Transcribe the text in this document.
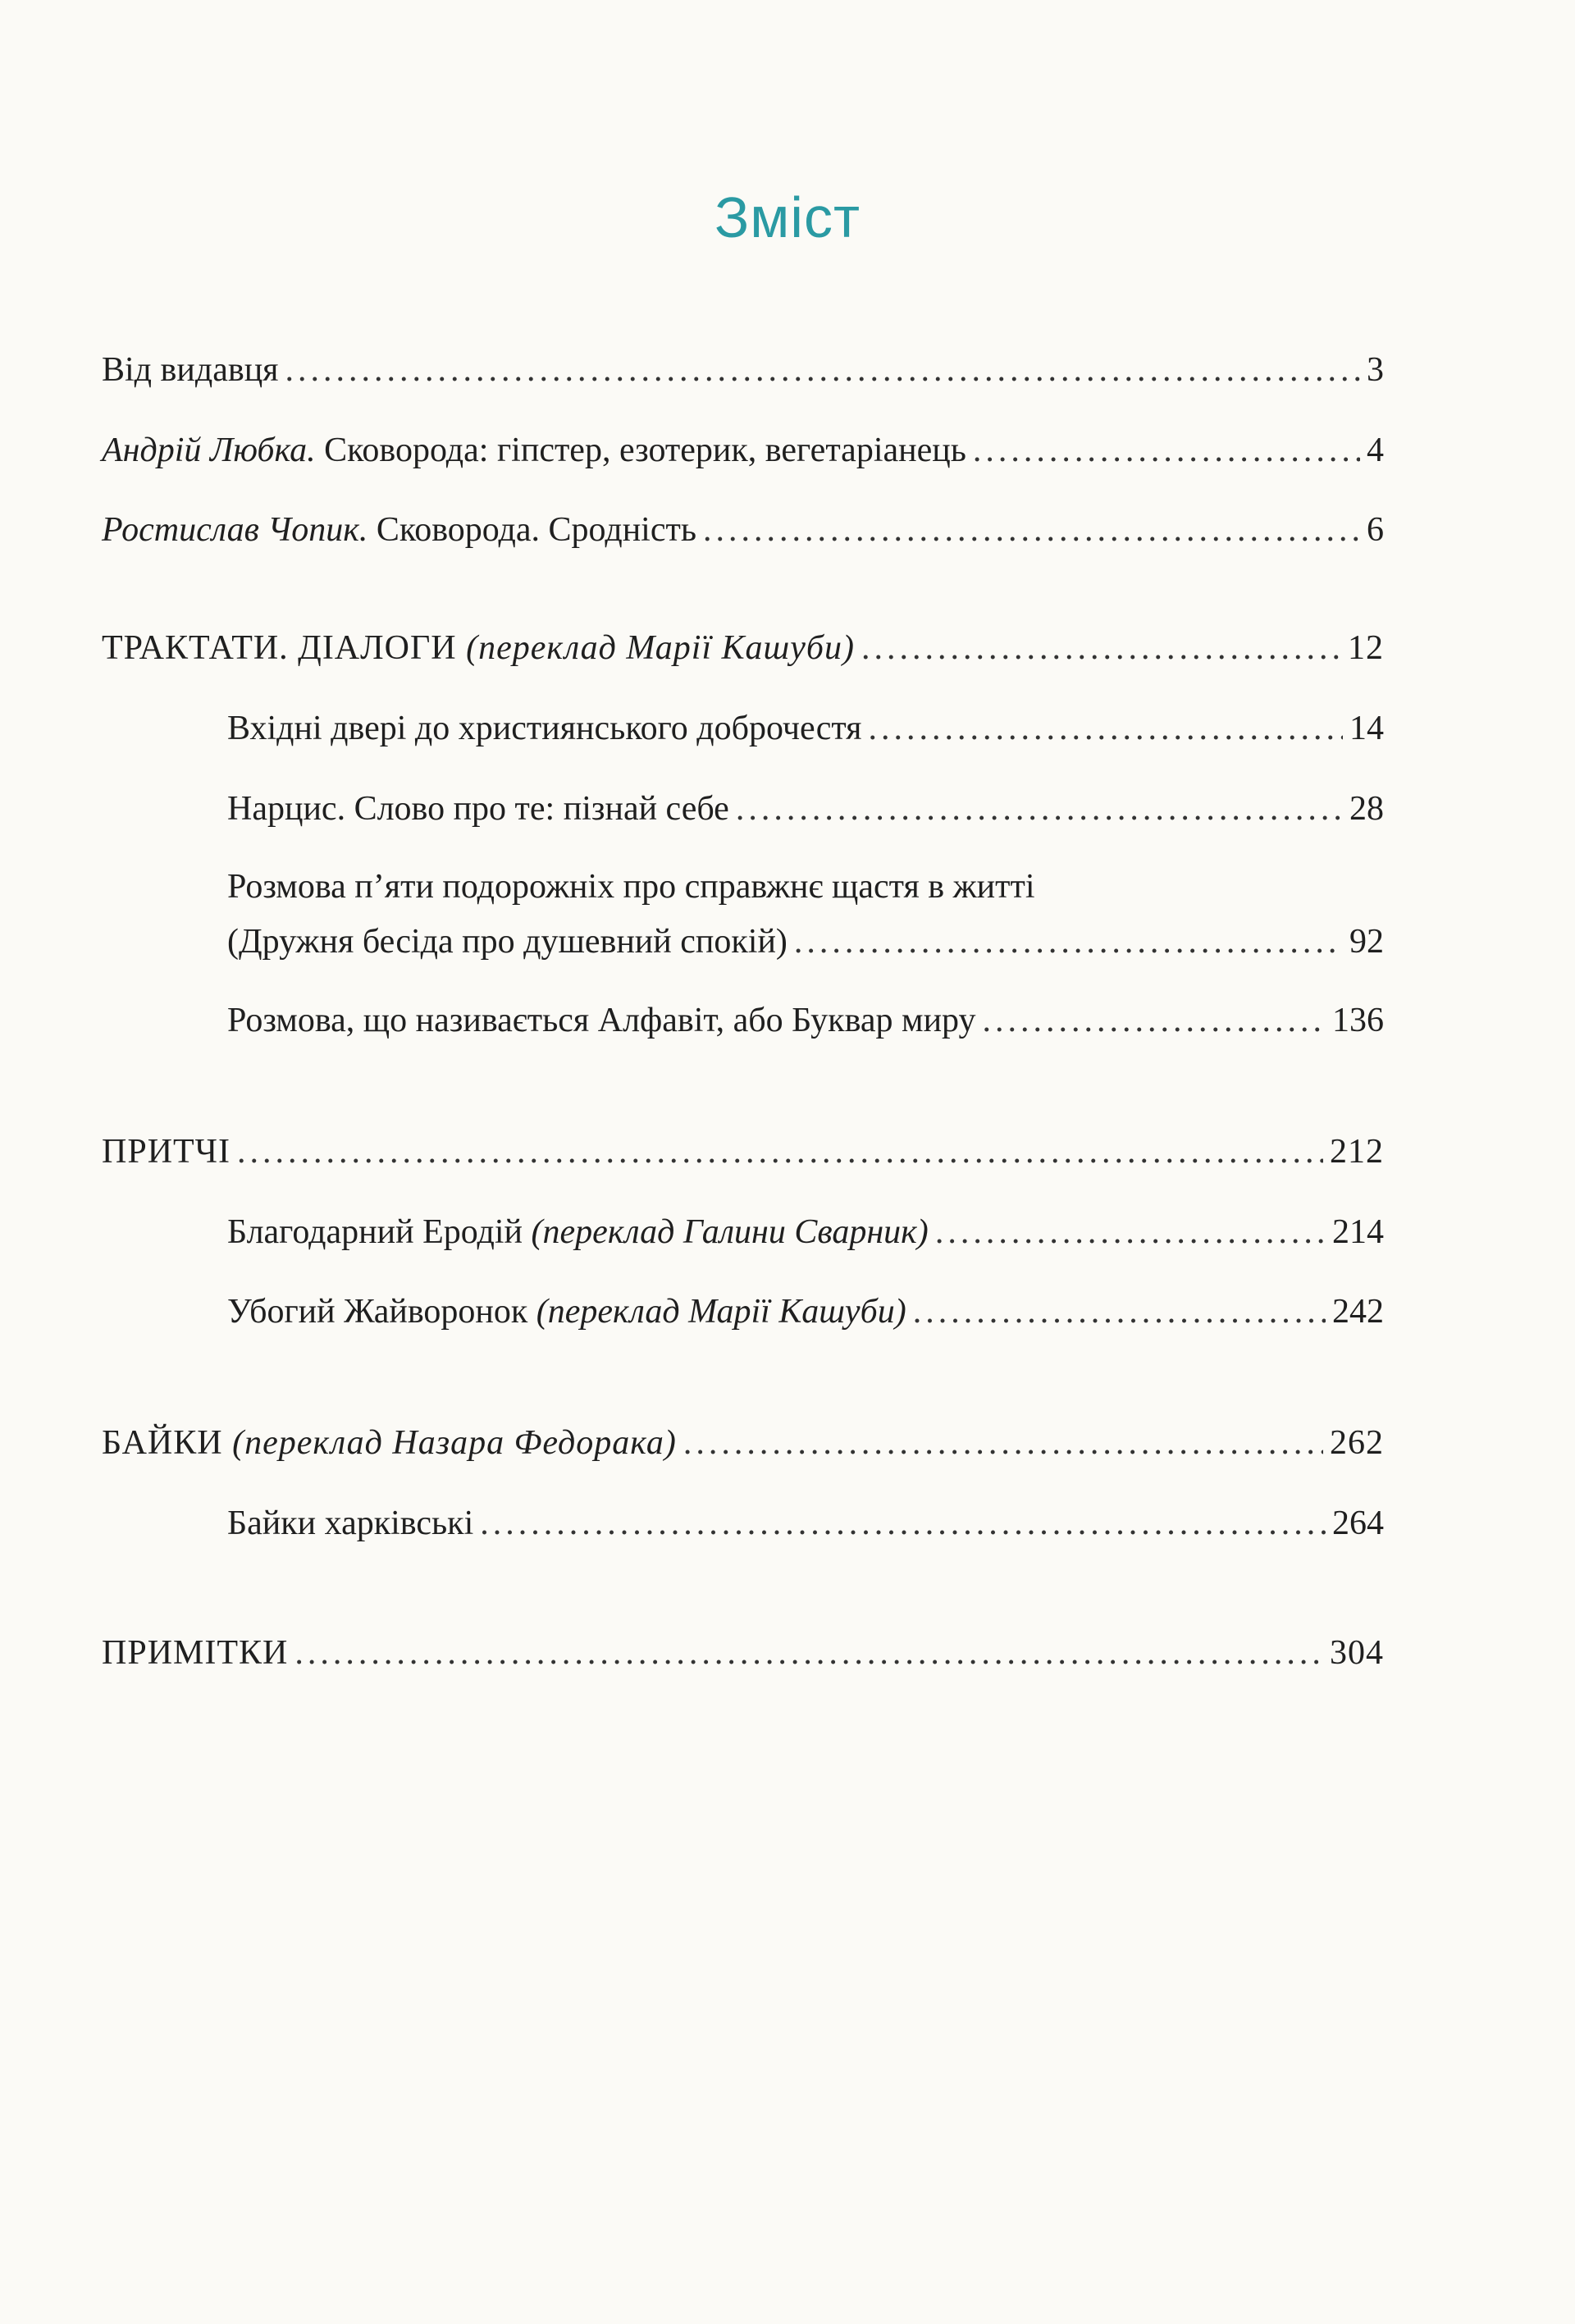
Зміст
Від видавця .....	3
Андрій Любка. Сковорода: гіпстер, езотерик, вегетаріанець .....	4
Ростислав Чопик. Сковорода. Сродність .....	6
ТРАКТАТИ. ДІАЛОГИ (переклад Марії Кашуби) .....	12
Вхідні двері до християнського доброчестя .....	14
Нарцис. Слово про те: пізнай себе .....	28
Розмова п’яти подорожніх про справжнє щастя в житті
(Дружня бесіда про душевний спокій) .....	92
Розмова, що називається Алфавіт, або Буквар миру .....	136
ПРИТЧІ .....	212
Благодарний Еродій (переклад Галини Сварник) .....	214
Убогий Жайворонок (переклад Марії Кашуби) .....	242
БАЙКИ (переклад Назара Федорака) .....	262
Байки харківські .....	264
ПРИМІТКИ .....	304
